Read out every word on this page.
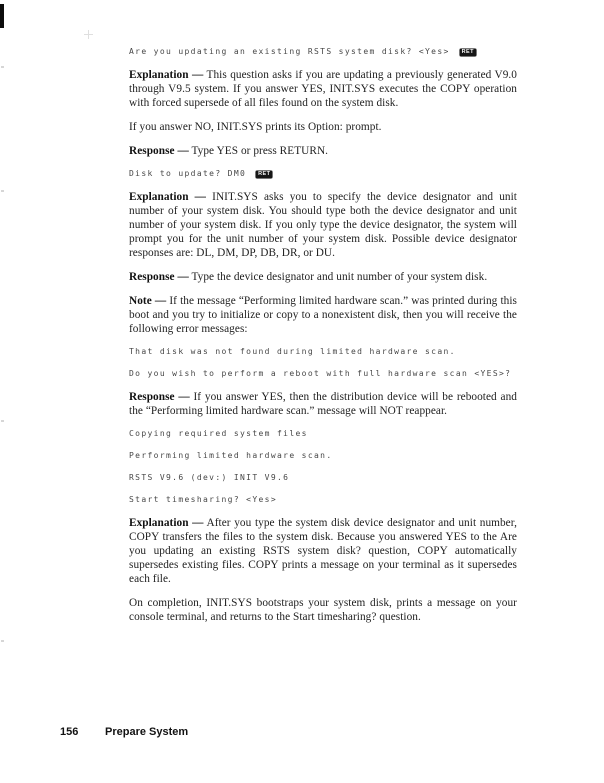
Are you updating an existing RSTS system disk? <Yes> RET

Explanation — This question asks if you are updating a previously generated V9.0 through V9.5 system. If you answer YES, INIT.SYS executes the COPY operation with forced supersede of all files found on the system disk.

If you answer NO, INIT.SYS prints its Option: prompt.

Response — Type YES or press RETURN.

Disk to update? DM0 RET

Explanation — INIT.SYS asks you to specify the device designator and unit number of your system disk. You should type both the device designator and unit number of your system disk. If you only type the device designator, the system will prompt you for the unit number of your system disk. Possible device designator responses are: DL, DM, DP, DB, DR, or DU.

Response — Type the device designator and unit number of your system disk.

Note — If the message “Performing limited hardware scan.” was printed during this boot and you try to initialize or copy to a nonexistent disk, then you will receive the following error messages:

That disk was not found during limited hardware scan.
Do you wish to perform a reboot with full hardware scan <YES>?

Response — If you answer YES, then the distribution device will be rebooted and the “Performing limited hardware scan.” message will NOT reappear.

Copying required system files
Performing limited hardware scan.
RSTS V9.6 (dev:) INIT V9.6
Start timesharing? <Yes>

Explanation — After you type the system disk device designator and unit number, COPY transfers the files to the system disk. Because you answered YES to the Are you updating an existing RSTS system disk? question, COPY automatically supersedes existing files. COPY prints a message on your terminal as it supersedes each file.

On completion, INIT.SYS bootstraps your system disk, prints a message on your console terminal, and returns to the Start timesharing? question.

156 Prepare System
